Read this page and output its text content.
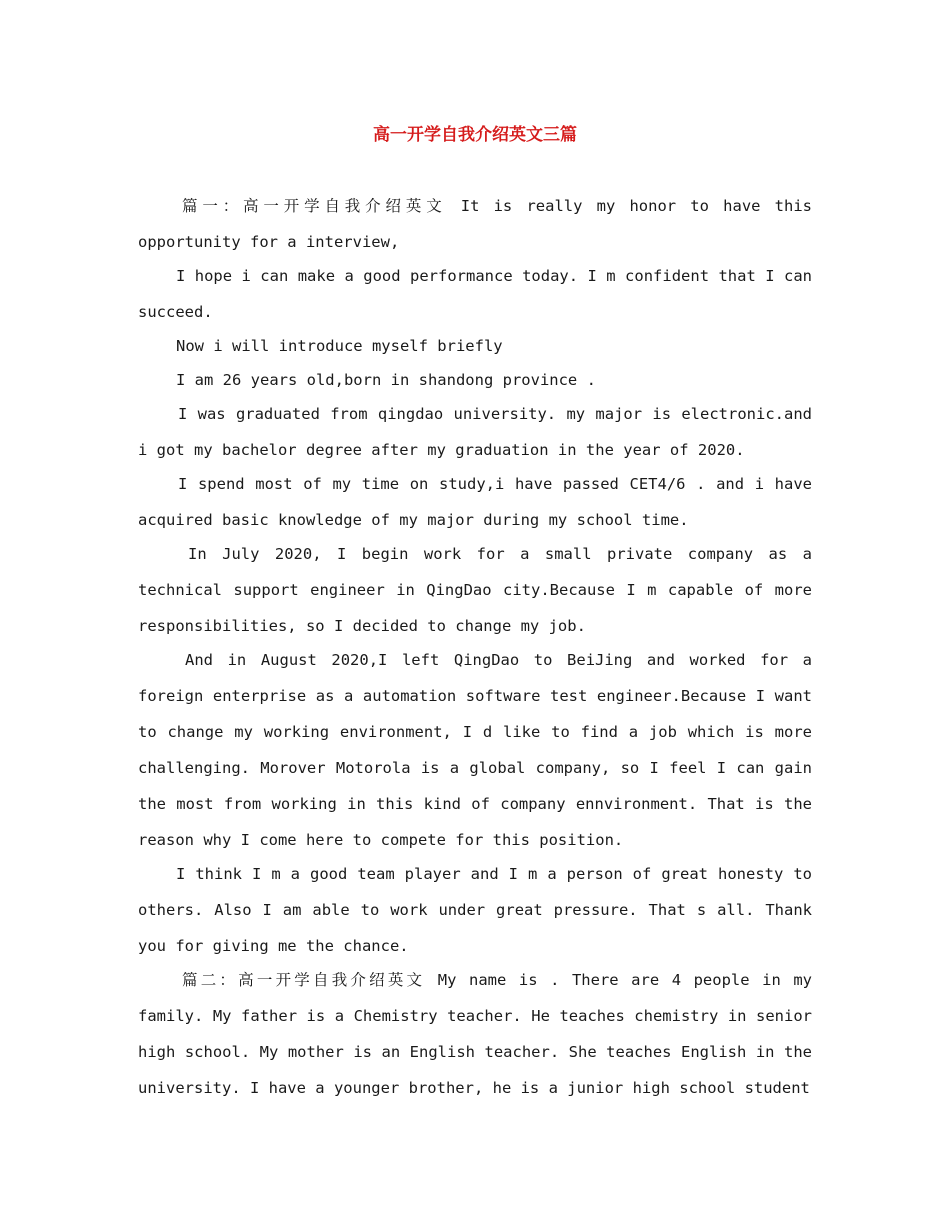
高一开学自我介绍英文三篇

篇一：高一开学自我介绍英文 It is really my honor to have this opportunity for a interview,

I hope i can make a good performance today. I m confident that I can succeed.

Now i will introduce myself briefly

I am 26 years old,born in shandong province .

I was graduated from qingdao university. my major is electronic.and i got my bachelor degree after my graduation in the year of 2020.

I spend most of my time on study,i have passed CET4/6 . and i have acquired basic knowledge of my major during my school time.

In July 2020, I begin work for a small private company as a technical support engineer in QingDao city.Because I m capable of more responsibilities, so I decided to change my job.

And in August 2020,I left QingDao to BeiJing and worked for a foreign enterprise as a automation software test engineer.Because I want to change my working environment, I d like to find a job which is more challenging. Morover Motorola is a global company, so I feel I can gain the most from working in this kind of company ennvironment. That is the reason why I come here to compete for this position.

I think I m a good team player and I m a person of great honesty to others. Also I am able to work under great pressure. That s all. Thank you for giving me the chance.

篇二：高一开学自我介绍英文 My name is . There are 4 people in my family. My father is a Chemistry teacher. He teaches chemistry in senior high school. My mother is an English teacher. She teaches English in the university. I have a younger brother, he is a junior high school student
